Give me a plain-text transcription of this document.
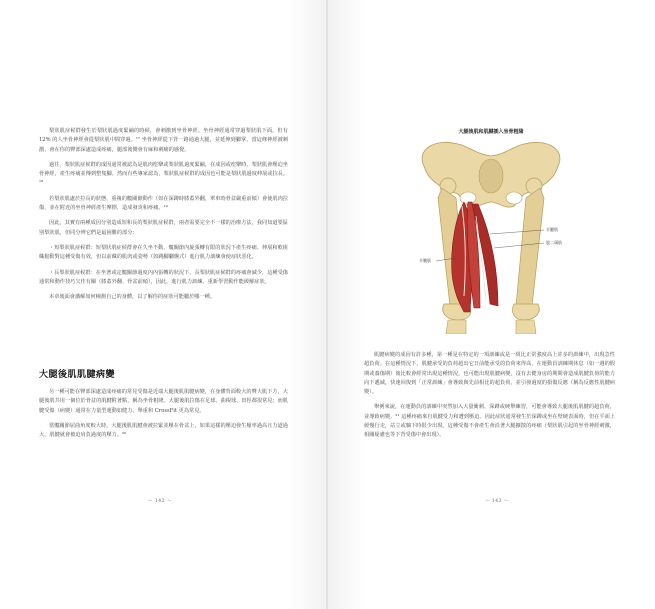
梨狀肌症候群發生於梨狀肌過度緊繃的時候，會刺激到坐骨神經。坐骨神經通常穿過梨狀肌下面，但有 12% 的人坐骨神經會從梨狀肌中間穿過。¹⁷ 坐骨神經從下背一路通過大腿，並延伸到腳掌。當這條神經被刺激，會在你的臀部深處造成疼痛，腿部後側會有麻和刺痛的感覺。

過往，梨狀肌症候群的成因通常被認為是肌肉痙攣或梨狀肌過度緊繃，在成因或痙攣時，梨狀肌會壓迫坐骨神經，產生疼痛並傳到整隻腳。然而有些專家認為，梨狀肌症候群的成因也可能是梨狀肌過度伸展或拉長。¹⁸

若梨狀肌處於拉長的狀態，重複的髖關節動作（如在深蹲時膝蓋外翻，單車時骨盆嚴重前傾）會使肌肉拉傷，並在附近的坐骨神經產生摩擦，造成發炎和疼痛。¹⁹

因此，其實有兩種成因分別造成短和長的梨狀肌症候群，兩者需要完全不一樣的治療方法，我同知道要區別梨狀肌，但同分辨它們是最困難的部分：

・短梨狀肌症候群：短梨狀肌症候群會在久坐不動、髖關節內旋張轉有限的狀況下產生疼痛。伸展和軟組織鬆動對這種受傷有效，但以前藏的肌肉或姿勢（如蹺腳腳盤式）進行肌力訓練會使症狀惡化。

・長梨狀肌症候群：在坐著或定髖關節過度內內張轉的狀況下，長梨狀肌症候群的疼痛會減少，這種受傷通常和動作技巧欠佳有關（膝蓋外翻、骨盆前傾），因此，進行肌力訓練，重新學習動作能緩解症狀。

本章後面會講解如何檢測自己的身體，以了解你的症狀可能屬於哪一種。

大腿後肌肌腱病變

另一種可能在臀部深處造成疼痛的常見受傷是近端大腿後肌肌腱病變，在身體背面較大的臀大肌下方，大腿後肌共用一個位於骨盆的肌腱附著點，稱為坐骨粗隆。大腿後肌拉傷在足球、曲棍球、田徑都很常見；而肌腱受傷（病變）通常在力量型運動如健力、舉重和 CrossFit 更為常見。

當髖關節屈曲角度較大時，大腿後肌肌腱會被拉緊並壓在骨盆上，如果這樣的壓迫發生頻率過高且力道過大，肌腱就會被迫肩負過度的壓力。²⁰

～ 142 ～
大腿後肌和肌腱插入坐骨粗隆
半腱肌
股二頭肌
半膜肌

肌腱病變的成因有許多種，第一種是在特定的一項訓練或是一組比正常強度高上許多的訓練中，出現急性超負荷。在這種情況下，肌腱承受的負荷超出它日前能承受的負荷來得高，在運動員訓練期休息（如一週的假期或養傷期）後比較會經常出現這種情況，也可能出現肌腱病變，沒有去健身房的期間會造成肌腱負荷的能力向下遞減，快速回復到「正常訓練」會導致與先前相比的超負荷，並引發過度的損傷反應（稱為反應性肌腱病變）。

舉例來說，在運動員的訓練中突然加入大量衝刺、深蹲或硬舉練習，可能會導致大腿後肌肌腱的超負荷，並導致病變。²¹ 這種疼痛來自肌腱受力和遭到壓迫。因此症狀通常發生於深蹲或坐在壁硬表面時，但在平面上緩慢行走，站立或躺下時很少出現。這種受傷不會產生會沿著大腿擴散的疼痛（梨狀肌引起的坐骨神經刺激，相關疑慮也等下背受傷中會出現）。

～ 143 ～
